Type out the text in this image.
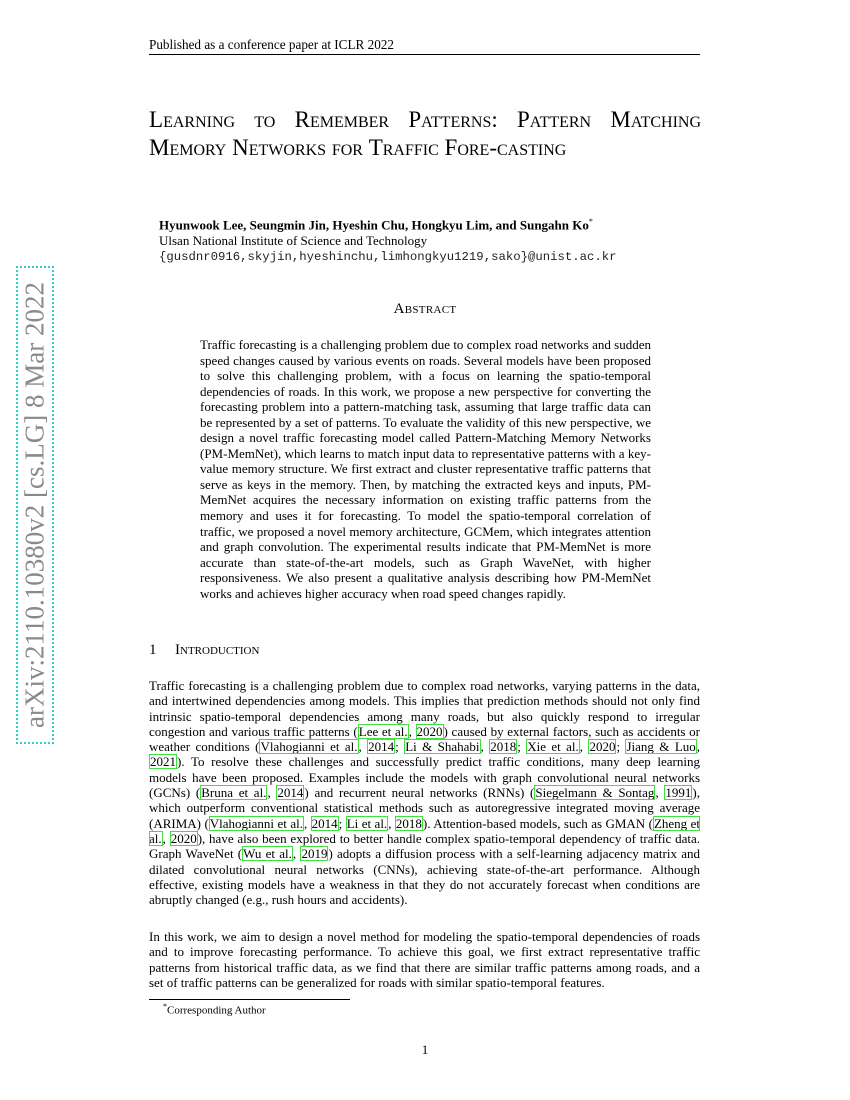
Published as a conference paper at ICLR 2022
arXiv:2110.10380v2 [cs.LG] 8 Mar 2022
Learning to Remember Patterns: Pattern Matching Memory Networks for Traffic Fore-casting
Hyunwook Lee, Seungmin Jin, Hyeshin Chu, Hongkyu Lim, and Sungahn Ko*
Ulsan National Institute of Science and Technology
{gusdnr0916,skyjin,hyeshinchu,limhongkyu1219,sako}@unist.ac.kr
Abstract
Traffic forecasting is a challenging problem due to complex road networks and sudden speed changes caused by various events on roads. Several models have been proposed to solve this challenging problem, with a focus on learning the spatio-temporal dependencies of roads. In this work, we propose a new perspective for converting the forecasting problem into a pattern-matching task, assuming that large traffic data can be represented by a set of patterns. To evaluate the validity of this new perspective, we design a novel traffic forecasting model called Pattern-Matching Memory Networks (PM-MemNet), which learns to match input data to representative patterns with a key-value memory structure. We first extract and cluster representative traffic patterns that serve as keys in the memory. Then, by matching the extracted keys and inputs, PM-MemNet acquires the necessary information on existing traffic patterns from the memory and uses it for forecasting. To model the spatio-temporal correlation of traffic, we proposed a novel memory architecture, GCMem, which integrates attention and graph convolution. The experimental results indicate that PM-MemNet is more accurate than state-of-the-art models, such as Graph WaveNet, with higher responsiveness. We also present a qualitative analysis describing how PM-MemNet works and achieves higher accuracy when road speed changes rapidly.
1 Introduction
Traffic forecasting is a challenging problem due to complex road networks, varying patterns in the data, and intertwined dependencies among models. This implies that prediction methods should not only find intrinsic spatio-temporal dependencies among many roads, but also quickly respond to irregular congestion and various traffic patterns (Lee et al., 2020) caused by external factors, such as accidents or weather conditions (Vlahogianni et al., 2014; Li & Shahabi, 2018; Xie et al., 2020; Jiang & Luo, 2021). To resolve these challenges and successfully predict traffic conditions, many deep learning models have been proposed. Examples include the models with graph convolutional neural networks (GCNs) (Bruna et al., 2014) and recurrent neural networks (RNNs) (Siegelmann & Sontag, 1991), which outperform conventional statistical methods such as autoregressive integrated moving average (ARIMA) (Vlahogianni et al., 2014; Li et al., 2018). Attention-based models, such as GMAN (Zheng et al., 2020), have also been explored to better handle complex spatio-temporal dependency of traffic data. Graph WaveNet (Wu et al., 2019) adopts a diffusion process with a self-learning adjacency matrix and dilated convolutional neural networks (CNNs), achieving state-of-the-art performance. Although effective, existing models have a weakness in that they do not accurately forecast when conditions are abruptly changed (e.g., rush hours and accidents).
In this work, we aim to design a novel method for modeling the spatio-temporal dependencies of roads and to improve forecasting performance. To achieve this goal, we first extract representative traffic patterns from historical traffic data, as we find that there are similar traffic patterns among roads, and a set of traffic patterns can be generalized for roads with similar spatio-temporal features.
*Corresponding Author
1
